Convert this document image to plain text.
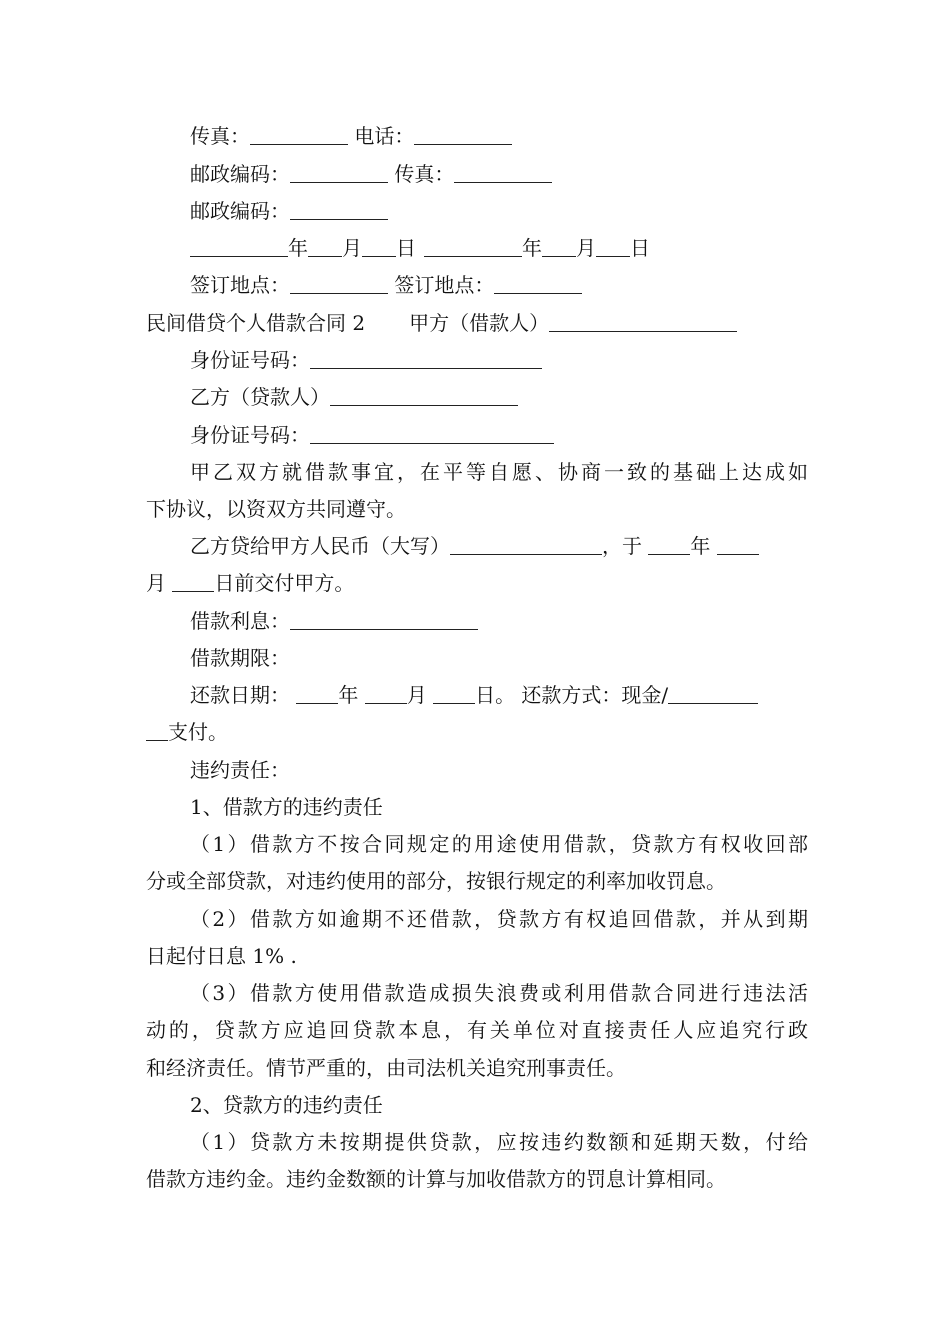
传真：	电话：
邮政编码：	传真：
邮政编码：
年 月 日	年 月 日
签订地点：	签订地点：
民间借贷个人借款合同 2 甲方（借款人）
身份证号码：
乙方（贷款人）
身份证号码：
甲乙双方就借款事宜，在平等自愿、协商一致的基础上达成如
下协议，以资双方共同遵守。
乙方贷给甲方人民币（大写）	，于 年
月 日前交付甲方。
借款利息：
借款期限：
还款日期： 年 月 日。 还款方式：现金/
支付。
违约责任：
1、借款方的违约责任
（1）借款方不按合同规定的用途使用借款，贷款方有权收回部
分或全部贷款，对违约使用的部分，按银行规定的利率加收罚息。
（2）借款方如逾期不还借款，贷款方有权追回借款，并从到期
日起付日息 1% .
（3）借款方使用借款造成损失浪费或利用借款合同进行违法活
动的，贷款方应追回贷款本息，有关单位对直接责任人应追究行政
和经济责任。情节严重的，由司法机关追究刑事责任。
2、贷款方的违约责任
（1）贷款方未按期提供贷款，应按违约数额和延期天数，付给
借款方违约金。违约金数额的计算与加收借款方的罚息计算相同。
